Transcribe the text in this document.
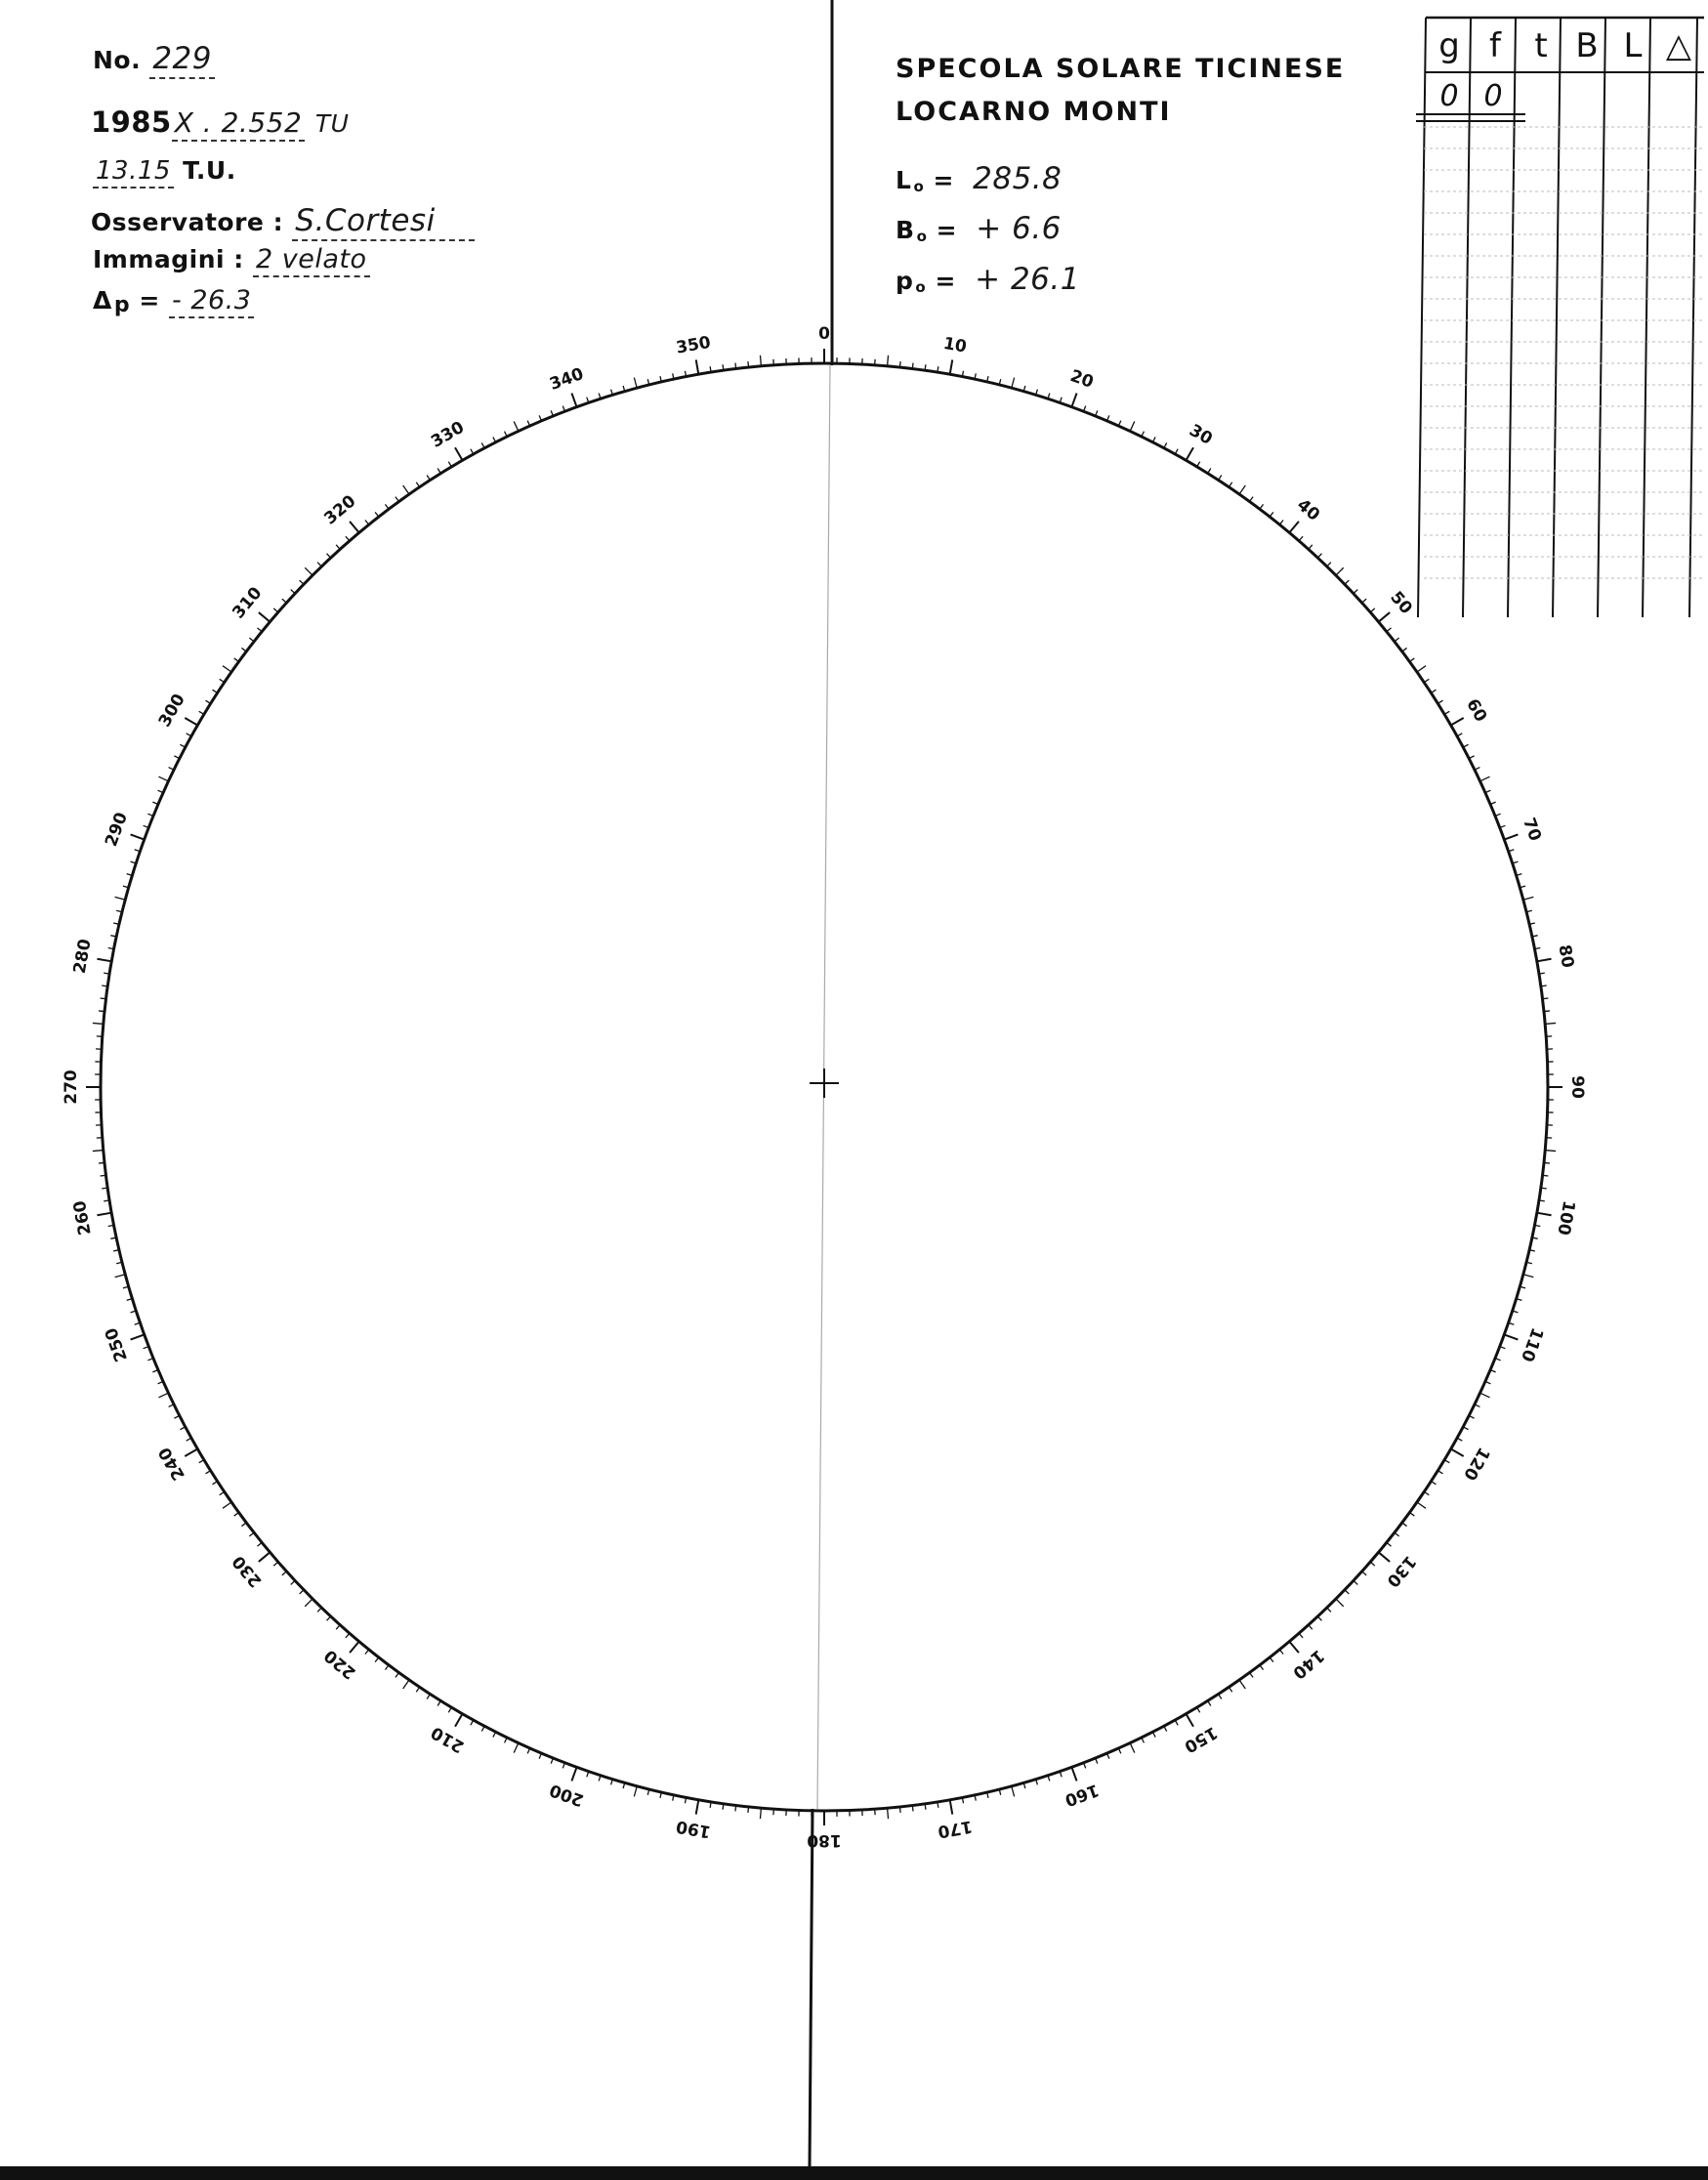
No. 229
1985 X . 2.552 TU
13.15 T.U.
Osservatore : S.Cortesi
Immagini : 2 velato
Δp = - 26.3
SPECOLA SOLARE TICINESE
LOCARNO MONTI
L $_o$ = 285.8
B $_o$ = + 6.6
p $_o$ = + 26.1
0	10
20
30
40
50
60
70
80
90
100
110
120
130
140
150
160
170
180
190
200
210
220
230
240
250
260
270
280
290
300
310
320
330
340
350
g f t B L △
0 0
